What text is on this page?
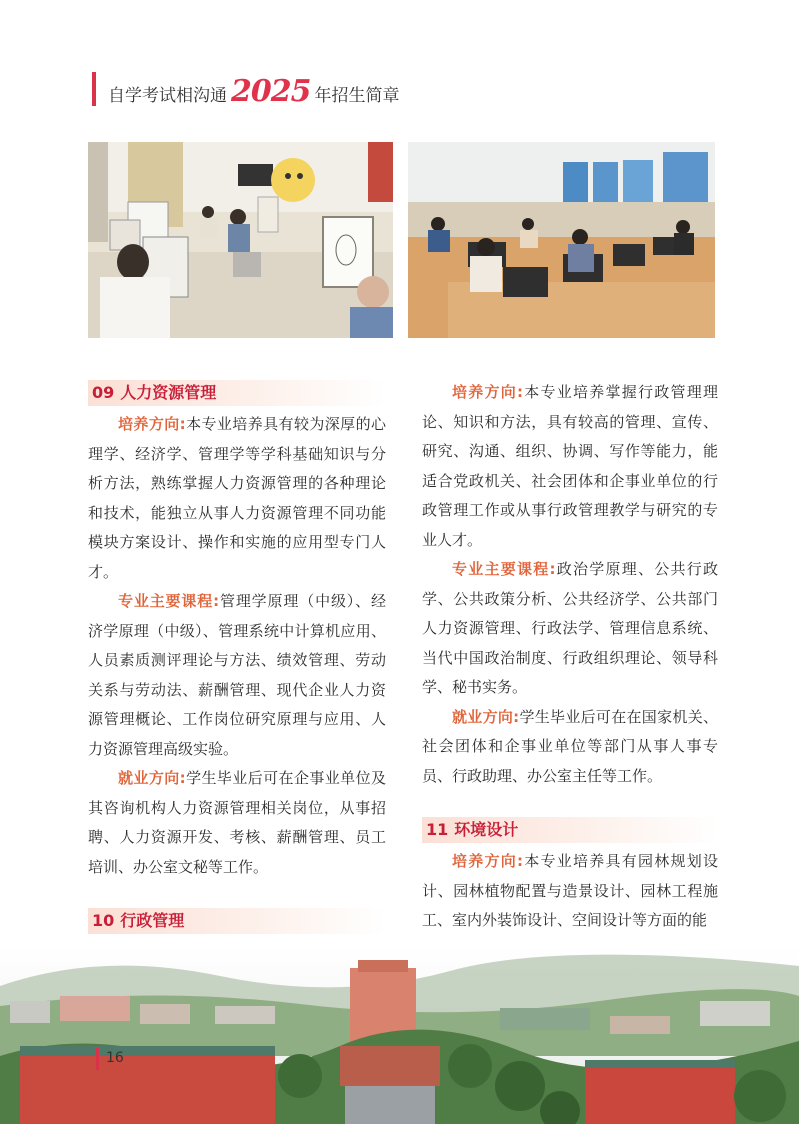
自学考试相沟通 2025 年招生简章
09 人力资源管理

培养方向:本专业培养具有较为深厚的心理学、经济学、管理学等学科基础知识与分析方法，熟练掌握人力资源管理的各种理论和技术，能独立从事人力资源管理不同功能模块方案设计、操作和实施的应用型专门人才。

专业主要课程:管理学原理（中级）、经济学原理（中级）、管理系统中计算机应用、人员素质测评理论与方法、绩效管理、劳动关系与劳动法、薪酬管理、现代企业人力资源管理概论、工作岗位研究原理与应用、人力资源管理高级实验。

就业方向:学生毕业后可在企事业单位及其咨询机构人力资源管理相关岗位，从事招聘、人力资源开发、考核、薪酬管理、员工培训、办公室文秘等工作。

10 行政管理

培养方向:本专业培养掌握行政管理理论、知识和方法，具有较高的管理、宣传、研究、沟通、组织、协调、写作等能力，能适合党政机关、社会团体和企事业单位的行政管理工作或从事行政管理教学与研究的专业人才。

专业主要课程:政治学原理、公共行政学、公共政策分析、公共经济学、公共部门人力资源管理、行政法学、管理信息系统、当代中国政治制度、行政组织理论、领导科学、秘书实务。

就业方向:学生毕业后可在在国家机关、社会团体和企事业单位等部门从事人事专员、行政助理、办公室主任等工作。

11 环境设计

培养方向:本专业培养具有园林规划设计、园林植物配置与造景设计、园林工程施工、室内外装饰设计、空间设计等方面的能

16
